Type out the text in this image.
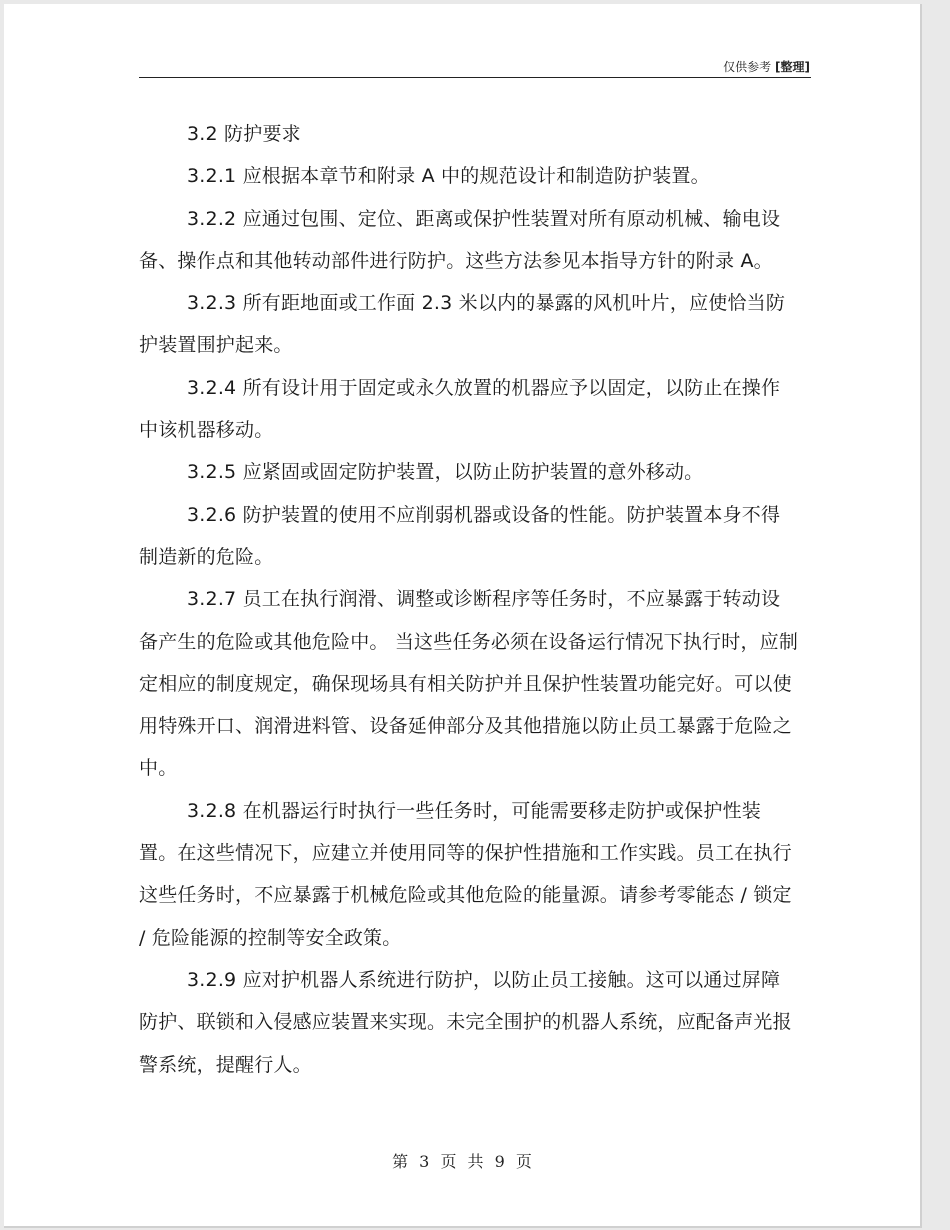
仅供参考 [整理]

3.2 防护要求

3.2.1 应根据本章节和附录 A 中的规范设计和制造防护装置。

3.2.2 应通过包围、定位、距离或保护性装置对所有原动机械、输电设备、操作点和其他转动部件进行防护。这些方法参见本指导方针的附录 A。

3.2.3 所有距地面或工作面 2.3 米以内的暴露的风机叶片，应使恰当防护装置围护起来。

3.2.4 所有设计用于固定或永久放置的机器应予以固定，以防止在操作中该机器移动。

3.2.5 应紧固或固定防护装置，以防止防护装置的意外移动。

3.2.6 防护装置的使用不应削弱机器或设备的性能。防护装置本身不得制造新的危险。

3.2.7 员工在执行润滑、调整或诊断程序等任务时，不应暴露于转动设备产生的危险或其他危险中。 当这些任务必须在设备运行情况下执行时，应制定相应的制度规定，确保现场具有相关防护并且保护性装置功能完好。可以使用特殊开口、润滑进料管、设备延伸部分及其他措施以防止员工暴露于危险之中。

3.2.8 在机器运行时执行一些任务时，可能需要移走防护或保护性装置。在这些情况下，应建立并使用同等的保护性措施和工作实践。员工在执行这些任务时，不应暴露于机械危险或其他危险的能量源。请参考零能态 / 锁定 / 危险能源的控制等安全政策。

3.2.9 应对护机器人系统进行防护，以防止员工接触。这可以通过屏障防护、联锁和入侵感应装置来实现。未完全围护的机器人系统，应配备声光报警系统，提醒行人。

第 3 页 共 9 页
